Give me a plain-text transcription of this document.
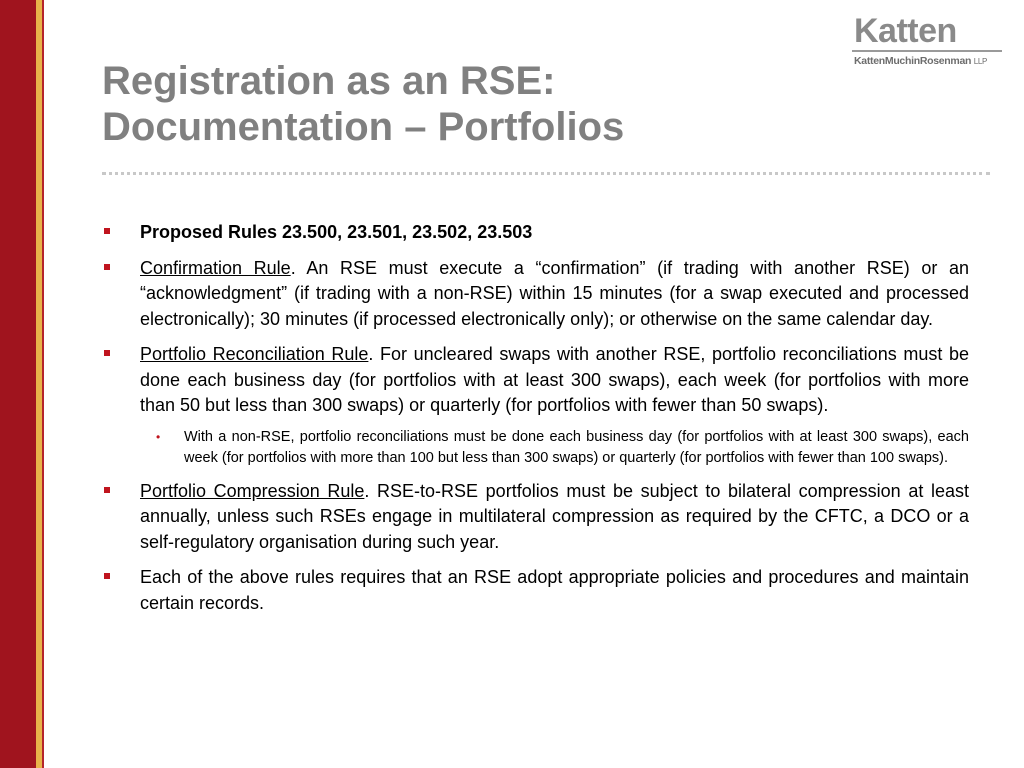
Katten
KattenMuchinRosenman LLP
Registration as an RSE:
Documentation – Portfolios
Proposed Rules 23.500, 23.501, 23.502, 23.503
Confirmation Rule. An RSE must execute a “confirmation” (if trading with another RSE) or an “acknowledgment” (if trading with a non-RSE) within 15 minutes (for a swap executed and processed electronically); 30 minutes (if processed electronically only); or otherwise on the same calendar day.
Portfolio Reconciliation Rule. For uncleared swaps with another RSE, portfolio reconciliations must be done each business day (for portfolios with at least 300 swaps), each week (for portfolios with more than 50 but less than 300 swaps) or quarterly (for portfolios with fewer than 50 swaps).
• With a non-RSE, portfolio reconciliations must be done each business day (for portfolios with at least 300 swaps), each week (for portfolios with more than 100 but less than 300 swaps) or quarterly (for portfolios with fewer than 100 swaps).
Portfolio Compression Rule. RSE-to-RSE portfolios must be subject to bilateral compression at least annually, unless such RSEs engage in multilateral compression as required by the CFTC, a DCO or a self-regulatory organisation during such year.
Each of the above rules requires that an RSE adopt appropriate policies and procedures and maintain certain records.
